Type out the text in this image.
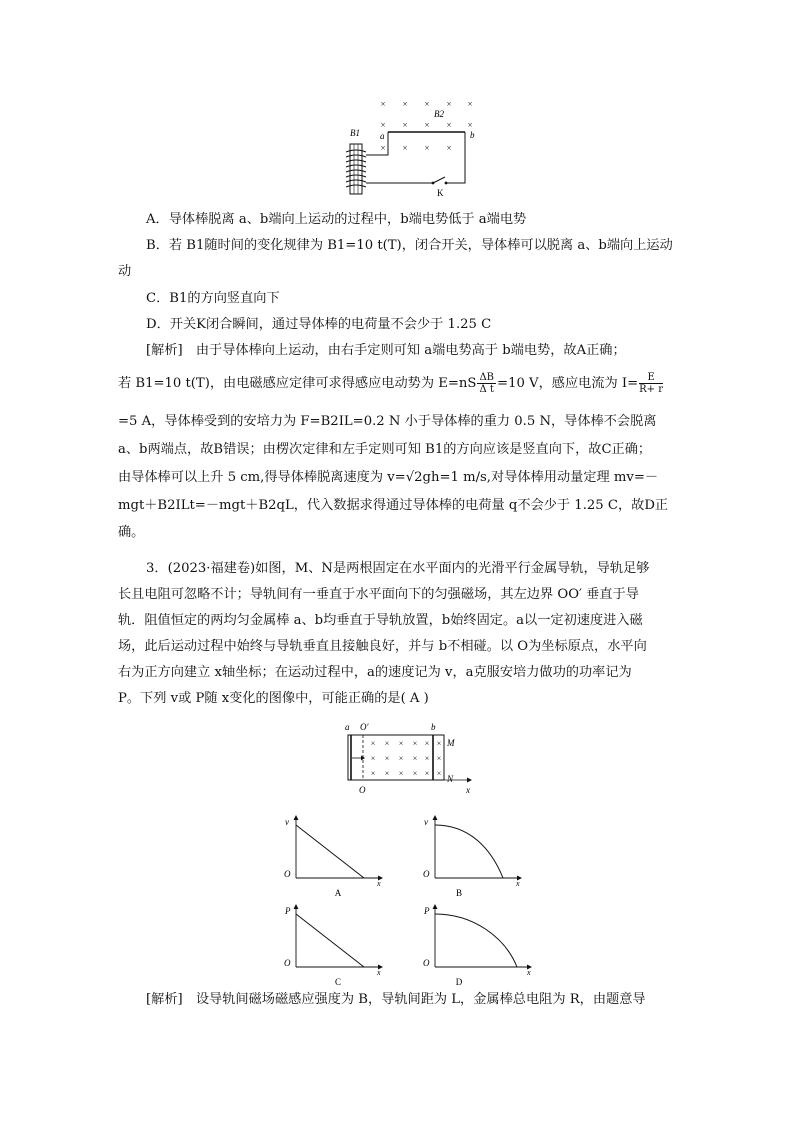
× × × × ×
× × × × ×
× × × ×
B2
B1 a	b
K
A．导体棒脱离 a、b端向上运动的过程中，b端电势低于 a端电势
B．若 B1随时间的变化规律为 B1=10 t(T)，闭合开关，导体棒可以脱离 a、b端向上运动
动
C．B1的方向竖直向下
D．开关K闭合瞬间，通过导体棒的电荷量不会少于 1.25 C
[解析]　由于导体棒向上运动，由右手定则可知 a端电势高于 b端电势，故A正确；
若 B1=10 t(T)，由电磁感应定律可求得感应电动势为 $E=nS \frac{\Delta B}{\text{Δ t}} =10$ V，感应电流为 $I= \frac{E}{R+ r}$
=5 A，导体棒受到的安培力为 F=B2IL=0.2 N 小于导体棒的重力 0.5 N，导体棒不会脱离
a、b两端点，故B错误；由楞次定律和左手定则可知 B1的方向应该是竖直向下，故C正确；
由导体棒可以上升 5 cm,得导体棒脱离速度为 v=√2gh=1 m/s,对导体棒用动量定理 mv=－
mgt＋B2ILt=－mgt＋B2qL，代入数据求得通过导体棒的电荷量 q不会少于 1.25 C，故D正
确。
3．(2023·福建卷)如图，M、N是两根固定在水平面内的光滑平行金属导轨，导轨足够
长且电阻可忽略不计；导轨间有一垂直于水平面向下的匀强磁场，其左边界 OO′ 垂直于导
轨．阻值恒定的两均匀金属棒 a、b均垂直于导轨放置，b始终固定。a以一定初速度进入磁
场，此后运动过程中始终与导轨垂直且接触良好，并与 b不相碰。以 O为坐标原点，水平向
右为正方向建立 x轴坐标；在运动过程中，a的速度记为 v，a克服安培力做功的功率记为
P。下列 v或 P随 x变化的图像中，可能正确的是( A )
a O′	b
× × × × × ×
× × × × × ×
× × × × × ×
M
N
x
O
v
O
x
A
v
O
x
B
P
O
x
C
P
O
x
D
[解析]　设导轨间磁场磁感应强度为 B，导轨间距为 L，金属棒总电阻为 R，由题意导
